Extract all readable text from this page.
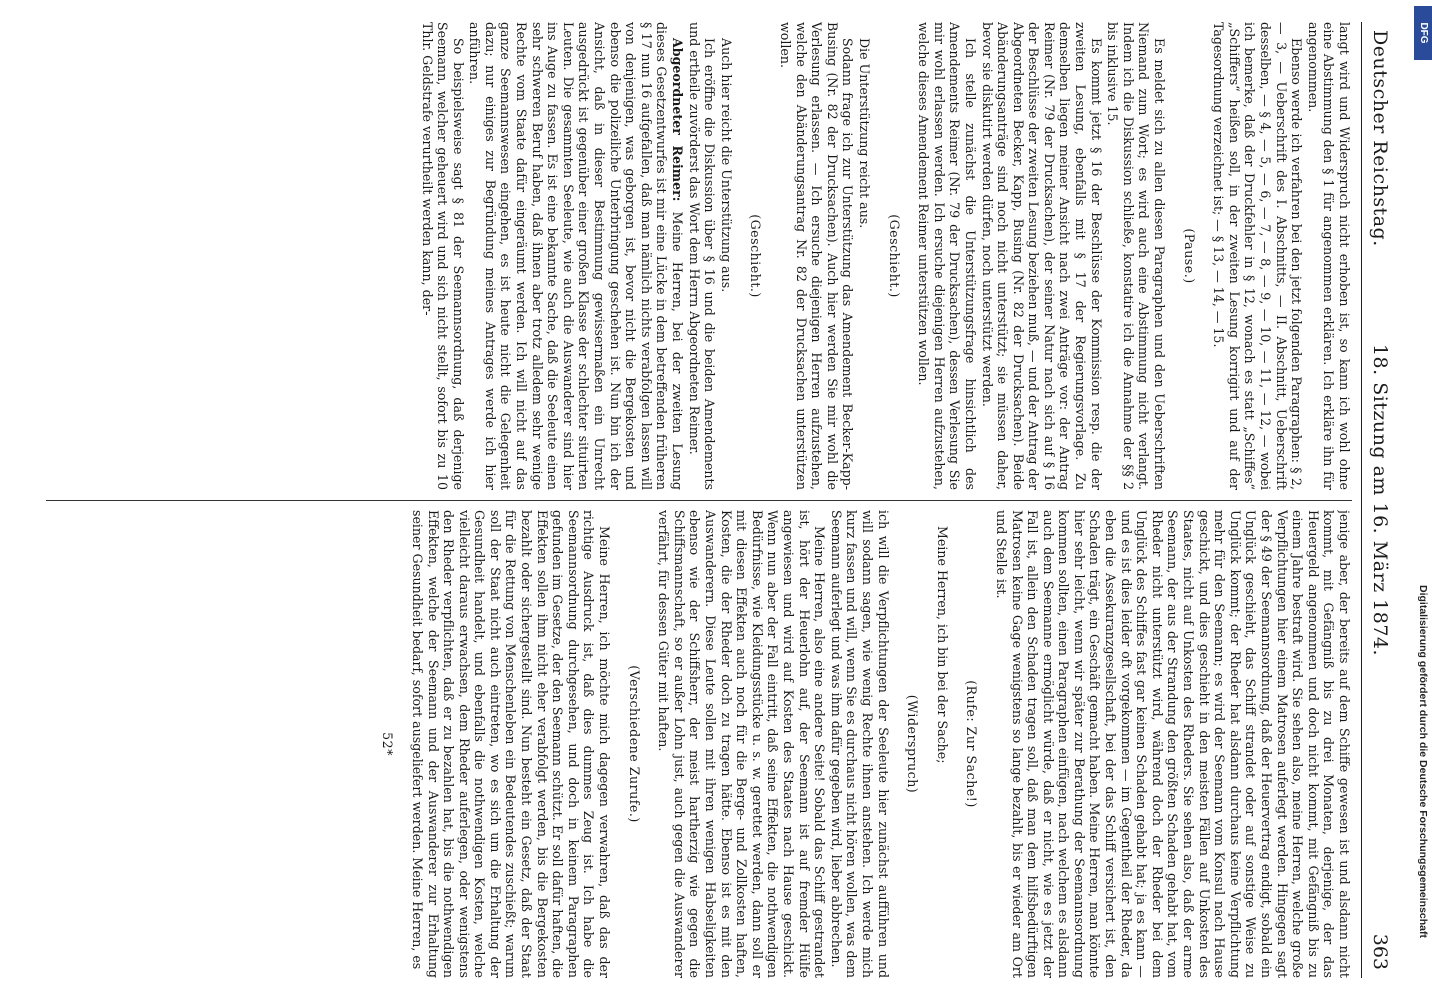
Deutscher Reichstag.
18. Sitzung am 16. März 1874.
363

langt wird und Widerspruch nicht erhoben ist, so kann ich wohl ohne eine Abstimmung den § 1 für angenommen erklären. Ich erkläre ihn für angenommen.

Ebenso werde ich verfahren bei den jetzt folgenden Paragraphen: § 2, — 3, — Ueberschrift des I. Abschnitts, — II. Abschnitt, Ueberschrift desselben, — § 4, — 5, — 6, — 7, — 8, — 9, — 10, — 11, — 12, — wobei ich bemerke, daß der Druckfehler in § 12, wonach es statt „Schiffes“ „Schiffers“ heißen soll, in der zweiten Lesung korrigirt und auf der Tagesordnung verzeichnet ist; — § 13, — 14, — 15.

(Pause.)

Es meldet sich zu allen diesen Paragraphen und den Ueberschriften Niemand zum Wort; es wird auch eine Abstimmung nicht verlangt. Indem ich die Diskussion schließe, konstatire ich die Annahme der §§ 2 bis inklusive 15.

Es kommt jetzt § 16 der Beschlüsse der Kommission resp. die der zweiten Lesung, ebenfalls mit § 17 der Regierungsvorlage. Zu demselben liegen meiner Ansicht nach zwei Anträge vor: der Antrag Reimer (Nr. 79 der Drucksachen), der seiner Natur nach sich auf § 16 der Beschlüsse der zweiten Lesung beziehen muß, — und der Antrag der Abgeordneten Becker, Kapp, Busing (Nr. 82 der Drucksachen). Beide Abänderungsanträge sind noch nicht unterstützt; sie müssen daher, bevor sie diskutirt werden dürfen, noch unterstützt werden.

Ich stelle zunächst die Unterstützungsfrage hinsichtlich des Amendements Reimer (Nr. 79 der Drucksachen), dessen Verlesung Sie mir wohl erlassen werden. Ich ersuche diejenigen Herren aufzustehen, welche dieses Amendement Reimer unterstützen wollen.

(Geschieht.)

Die Unterstützung reicht aus.

Sodann frage ich zur Unterstützung das Amendement Becker-Kapp-Busing (Nr. 82 der Drucksachen). Auch hier werden Sie mir wohl die Verlesung erlassen. — Ich ersuche diejenigen Herren aufzustehen, welche den Abänderungsantrag Nr. 82 der Drucksachen unterstützen wollen.

(Geschieht.)

Auch hier reicht die Unterstützung aus.

Ich eröffne die Diskussion über § 16 und die beiden Amendements und ertheile zuvörderst das Wort dem Herrn Abgeordneten Reimer.

Abgeordneter Reimer: Meine Herren, bei der zweiten Lesung dieses Gesetzentwurfes ist mir eine Lücke in dem betreffenden früheren § 17 nun 16 aufgefallen, daß man nämlich nichts verabfolgen lassen will von denjenigen, was geborgen ist, bevor nicht die Bergekosten und ebenso die polizeiliche Unterbringung geschehen ist. Nun bin ich der Ansicht, daß in dieser Bestimmung gewissermaßen ein Unrecht ausgedrückt ist gegenüber einer großen Klasse der schlechter situirten Leuten. Die gesammten Seeleute, wie auch die Auswanderer sind hier ins Auge zu fassen. Es ist eine bekannte Sache, daß die Seeleute einen sehr schweren Beruf haben, daß ihnen aber trotz alledem sehr wenige Rechte vom Staate dafür eingeräumt werden. Ich will nicht auf das ganze Seemannswesen eingehen, es ist heute nicht die Gelegenheit dazu; nur einiges zur Begründung meines Antrages werde ich hier anführen.

So beispielsweise sagt § 81 der Seemannsordnung, daß derjenige Seemann, welcher geheuert wird und sich nicht stellt, sofort bis zu 10 Thlr. Geldstrafe verurtheilt werden kann, der-

jenige aber, der bereits auf dem Schiffe gewesen ist und alsdann nicht kommt, mit Gefängniß bis zu drei Monaten, derjenige, der das Heuergeld angenommen und doch nicht kommt, mit Gefängniß bis zu einem Jahre bestraft wird. Sie sehen also, meine Herren, welche große Verpflichtungen hier einem Matrosen auferlegt werden. Hingegen sagt der § 49 der Seemannsordnung, daß der Heuervertrag endigt, sobald ein Unglück geschieht, das Schiff strandet oder auf sonstige Weise zu Unglück kommt; der Rheder hat alsdann durchaus keine Verpflichtung mehr für den Seemann; es wird der Seemann vom Konsul nach Hause geschickt, und dies geschieht in den meisten Fällen auf Unkosten des Staates, nicht auf Unkosten des Rheders. Sie sehen also, daß der arme Seemann, der aus der Strandung den größten Schaden gehabt hat, vom Rheder nicht unterstützt wird, während doch der Rheder bei dem Unglück des Schiffes fast gar keinen Schaden gehabt hat; ja es kann — und es ist dies leider oft vorgekommen — im Gegentheil der Rheder, da eben die Assekuranzgesellschaft, bei der das Schiff versichert ist, den Schaden trägt, ein Geschäft gemacht haben. Meine Herren, man könnte hier sehr leicht, wenn wir später zur Berathung der Seemannsordnung kommen sollten, einen Paragraphen einfügen, nach welchem es alsdann auch dem Seemanne ermöglicht würde, daß er nicht, wie es jetzt der Fall ist, allein den Schaden tragen soll, daß man dem hilfsbedürftigen Matrosen keine Gage wenigstens so lange bezahlt, bis er wieder am Ort und Stelle ist.

(Rufe: Zur Sache!)

Meine Herren, ich bin bei der Sache;

(Widerspruch)

ich will die Verpflichtungen der Seeleute hier zunächst aufführen und will sodann sagen, wie wenig Rechte ihnen anstehen. Ich werde mich kurz fassen und will, wenn Sie es durchaus nicht hören wollen, was dem Seemann auferlegt und was ihm dafür gegeben wird, lieber abbrechen.

Meine Herren, also eine andere Seite! Sobald das Schiff gestrandet ist, hört der Heuerlohn auf, der Seemann ist auf fremder Hülfe angewiesen und wird auf Kosten des Staates nach Hause geschickt. Wenn nun aber der Fall eintritt, daß seine Effekten, die nothwendigen Bedürfnisse, wie Kleidungsstücke u. s. w. gerettet werden, dann soll er mit diesen Effekten auch noch für die Berge- und Zollkosten haften, Kosten, die der Rheder doch zu tragen hätte. Ebenso ist es mit den Auswanderern. Diese Leute sollen mit ihren wenigen Habseligkeiten ebenso wie der Schiffsherr, der meist hartherzig wie gegen die Schiffsmannschaft, so er außer Lohn just, auch gegen die Auswanderer verfährt, für dessen Güter mit haften.

(Verschiedene Zurufe.)

Meine Herren, ich möchte mich dagegen verwahren, daß das der richtige Ausdruck ist, daß dies dummes Zeug ist. Ich habe die Seemannsordnung durchgesehen, und doch in keinem Paragraphen gefunden im Gesetze, der den Seemann schützt. Er soll dafür haften, die Effekten sollen ihm nicht eher verabfolgt werden, bis die Bergekosten bezahlt oder sichergestellt sind. Nun besteht ein Gesetz, daß der Staat für die Rettung von Menschenleben ein Bedeutendes zuschießt; warum soll der Staat nicht auch eintreten, wo es sich um die Erhaltung der Gesundheit handelt, und ebenfalls die nothwendigen Kosten, welche vielleicht daraus erwachsen, dem Rheder auferlegen, oder wenigstens den Rheder verpflichten, daß er zu bezahlen hat, bis die nothwendigen Effekten, welche der Seemann und der Auswanderer zur Erhaltung seiner Gesundheit bedarf, sofort ausgeliefert werden. Meine Herren, es

52*	Digitalisierung gefördert durch die Deutsche Forschungsgemeinschaft
DFG
